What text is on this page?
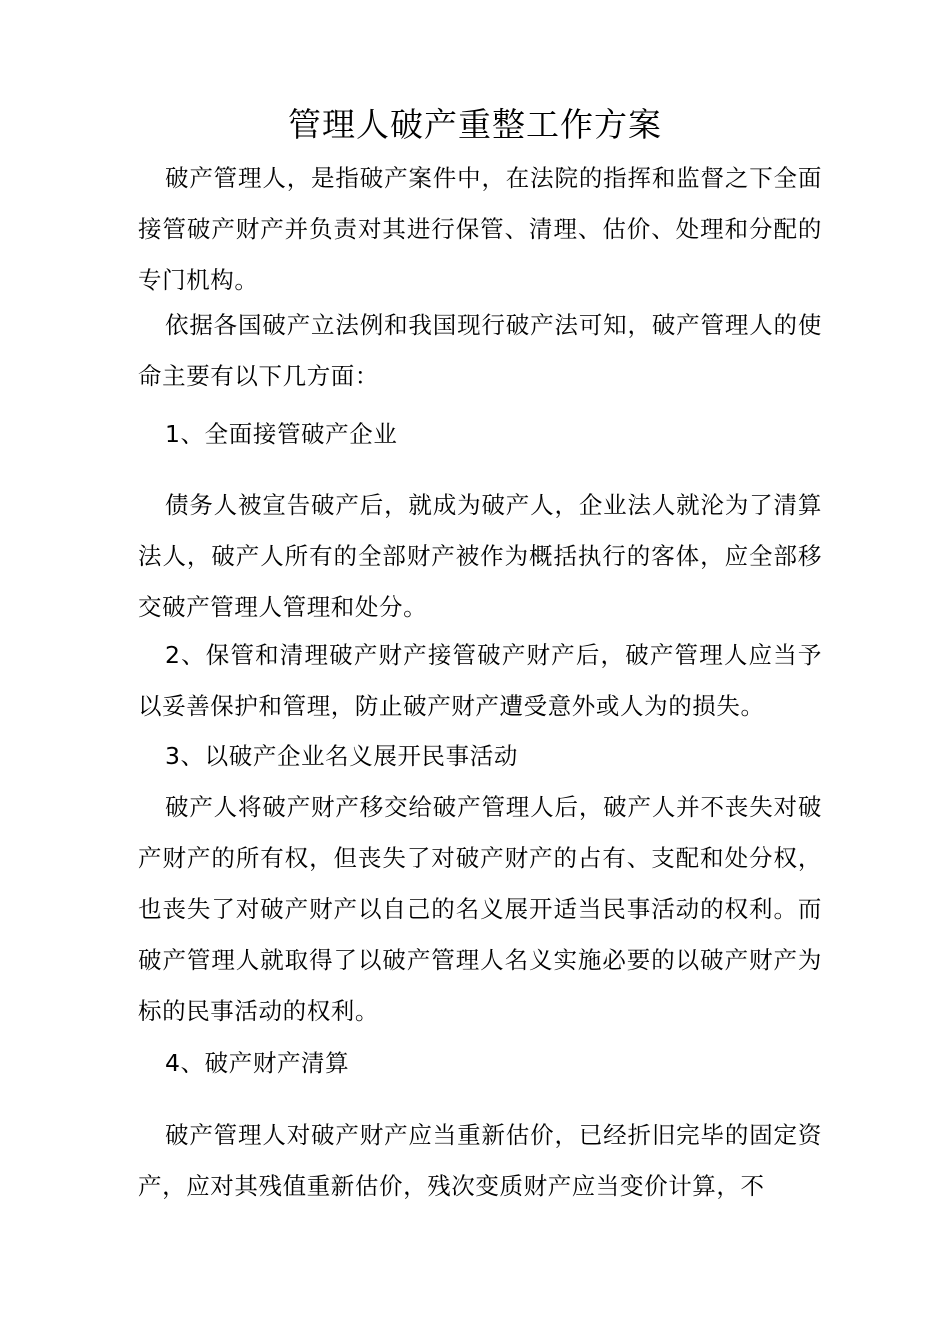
管理人破产重整工作方案

破产管理人，是指破产案件中，在法院的指挥和监督之下全面接管破产财产并负责对其进行保管、清理、估价、处理和分配的专门机构。

依据各国破产立法例和我国现行破产法可知，破产管理人的使命主要有以下几方面：

1、全面接管破产企业

债务人被宣告破产后，就成为破产人，企业法人就沦为了清算法人，破产人所有的全部财产被作为概括执行的客体，应全部移交破产管理人管理和处分。

2、保管和清理破产财产接管破产财产后，破产管理人应当予以妥善保护和管理，防止破产财产遭受意外或人为的损失。

3、以破产企业名义展开民事活动

破产人将破产财产移交给破产管理人后，破产人并不丧失对破产财产的所有权，但丧失了对破产财产的占有、支配和处分权，也丧失了对破产财产以自己的名义展开适当民事活动的权利。而破产管理人就取得了以破产管理人名义实施必要的以破产财产为标的民事活动的权利。

4、破产财产清算

破产管理人对破产财产应当重新估价，已经折旧完毕的固定资产，应对其残值重新估价，残次变质财产应当变价计算，不
